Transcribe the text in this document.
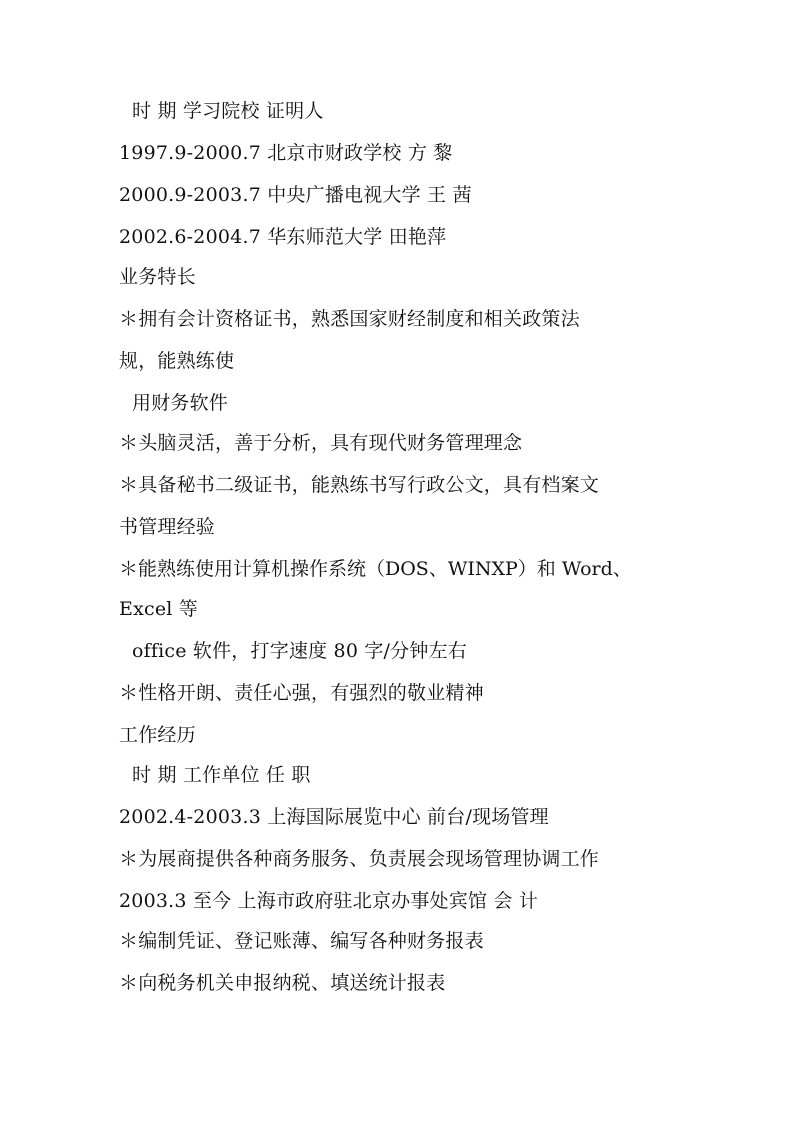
时 期 学习院校 证明人

1997.9-2000.7 北京市财政学校 方 黎

2000.9-2003.7 中央广播电视大学 王 茜

2002.6-2004.7 华东师范大学 田艳萍

业务特长

＊拥有会计资格证书，熟悉国家财经制度和相关政策法

规，能熟练使

用财务软件

＊头脑灵活，善于分析，具有现代财务管理理念

＊具备秘书二级证书，能熟练书写行政公文，具有档案文

书管理经验

＊能熟练使用计算机操作系统（DOS、WINXP）和 Word、

Excel 等

office 软件，打字速度 80 字/分钟左右

＊性格开朗、责任心强，有强烈的敬业精神

工作经历

时 期 工作单位 任 职

2002.4-2003.3 上海国际展览中心 前台/现场管理

＊为展商提供各种商务服务、负责展会现场管理协调工作

2003.3 至今 上海市政府驻北京办事处宾馆 会 计

＊编制凭证、登记账薄、编写各种财务报表

＊向税务机关申报纳税、填送统计报表
